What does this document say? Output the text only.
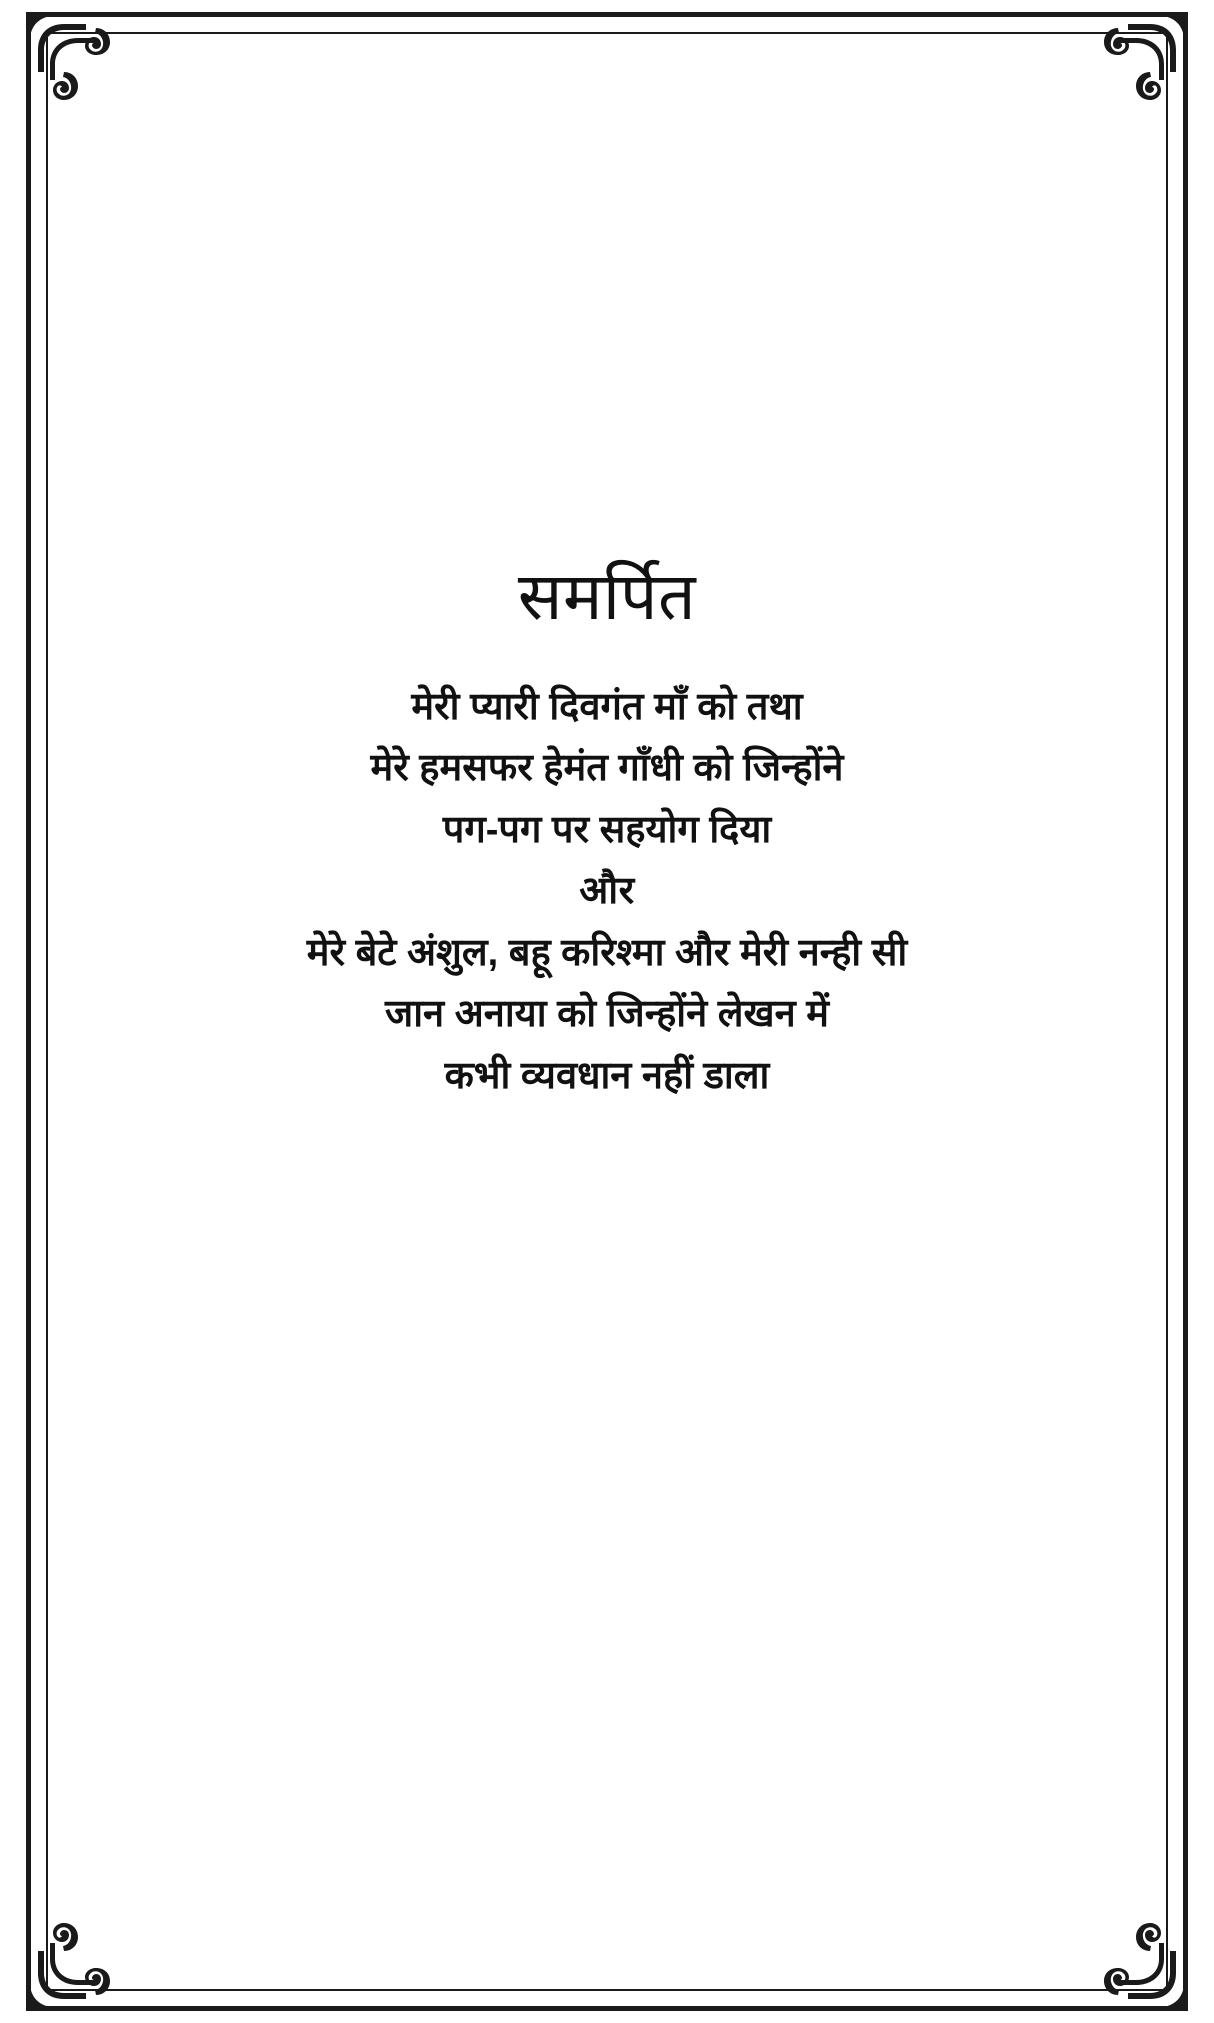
समर्पित
मेरी प्यारी दिवगंत माँ को तथा
मेरे हमसफर हेमंत गाँधी को जिन्होंने
पग-पग पर सहयोग दिया
और
मेरे बेटे अंशुल, बहू करिश्मा और मेरी नन्ही सी
जान अनाया को जिन्होंने लेखन में
कभी व्यवधान नहीं डाला
